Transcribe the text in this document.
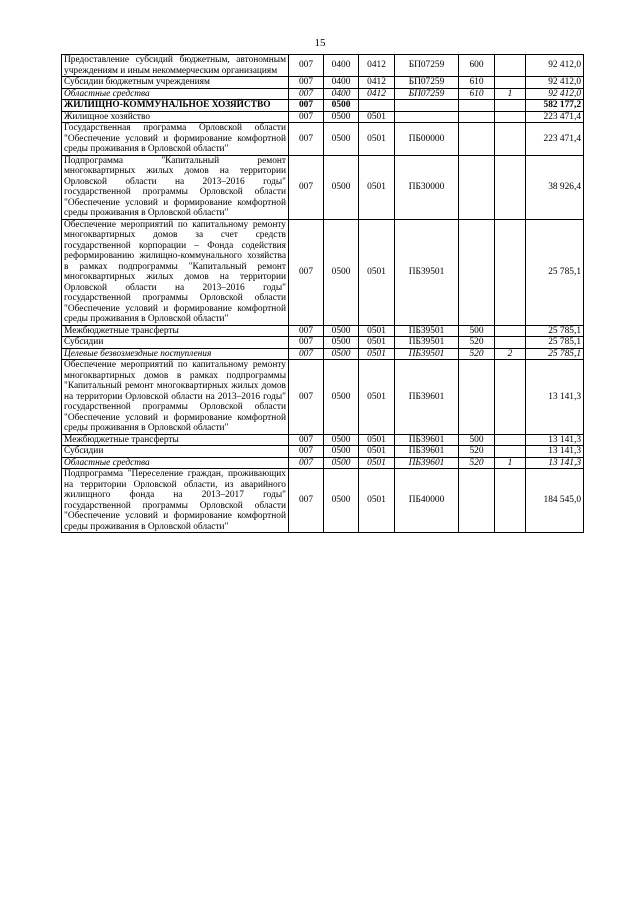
15
Предоставление субсидий бюджетным, автономным учреждениям и иным некоммерческим организациям	007	0400	0412	БП07259	600		92 412,0
Субсидии бюджетным учреждениям	007	0400	0412	БП07259	610		92 412,0
Областные средства	007	0400	0412	БП07259	610	1	92 412,0
ЖИЛИЩНО-КОММУНАЛЬНОЕ ХОЗЯЙСТВО	007	0500					582 177,2
Жилищное хозяйство	007	0500	0501				223 471,4
Государственная программа Орловской области "Обеспечение условий и формирование комфортной среды проживания в Орловской области"	007	0500	0501	ПБ00000			223 471,4
Подпрограмма "Капитальный ремонт многоквартирных жилых домов на территории Орловской области на 2013–2016 годы" государственной программы Орловской области "Обеспечение условий и формирование комфортной среды проживания в Орловской области"	007	0500	0501	ПБ30000			38 926,4
Обеспечение мероприятий по капитальному ремонту многоквартирных домов за счет средств государственной корпорации – Фонда содействия реформированию жилищно-коммунального хозяйства в рамках подпрограммы "Капитальный ремонт многоквартирных жилых домов на территории Орловской области на 2013–2016 годы" государственной программы Орловской области "Обеспечение условий и формирование комфортной среды проживания в Орловской области"	007	0500	0501	ПБ39501			25 785,1
Межбюджетные трансферты	007	0500	0501	ПБ39501	500		25 785,1
Субсидии	007	0500	0501	ПБ39501	520		25 785,1
Целевые безвозмездные поступления	007	0500	0501	ПБ39501	520	2	25 785,1
Обеспечение мероприятий по капитальному ремонту многоквартирных домов в рамках подпрограммы "Капитальный ремонт многоквартирных жилых домов на территории Орловской области на 2013–2016 годы" государственной программы Орловской области "Обеспечение условий и формирование комфортной среды проживания в Орловской области"	007	0500	0501	ПБ39601			13 141,3
Межбюджетные трансферты	007	0500	0501	ПБ39601	500		13 141,3
Субсидии	007	0500	0501	ПБ39601	520		13 141,3
Областные средства	007	0500	0501	ПБ39601	520	1	13 141,3
Подпрограмма "Переселение граждан, проживающих на территории Орловской области, из аварийного жилищного фонда на 2013–2017 годы" государственной программы Орловской области "Обеспечение условий и формирование комфортной среды проживания в Орловской области"	007	0500	0501	ПБ40000			184 545,0
